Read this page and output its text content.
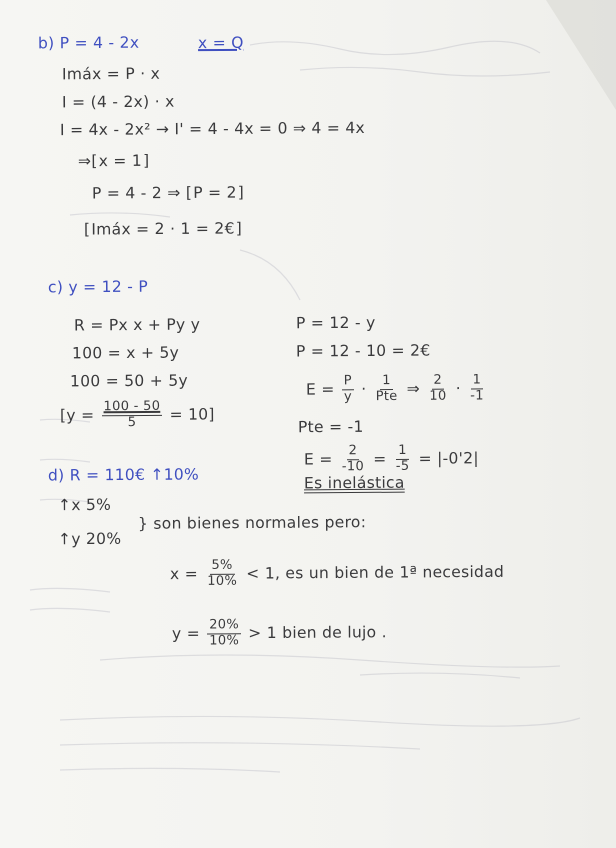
b) P = 4 - 2x	x = Q
Imáx = P · x
I = (4 - 2x) · x
I = 4x - 2x² → I' = 4 - 4x = 0 ⇒ 4 = 4x
⇒ [ x = 1 ]
P = 4 - 2 ⇒ [ P = 2 ]
[ Imáx = 2 · 1 = 2€ ]
c) y = 12 - P
R = Px x + Py y
100 = x + 5y
100 = 50 + 5y
$[y = \frac{100 - 50}{5} = 10]$
P = 12 - y
P = 12 - 10 = 2€
$E = \frac{P}{y} \cdot \frac{1}{\text{Pte}}$ ⇒ $\frac{2}{10} \cdot \frac{1}{-1}$
Pte = -1
$E = \frac{2}{-10} = \frac{1}{-5} = |-0'2|$
Es inelástica
d) R = 110€ ↑10%
↑x 5%
↑y 20%
} son bienes normales pero:
$x = \frac{5\%}{10\%} < 1$, es un bien de 1ª necesidad
$y = \frac{20\%}{10\%} > 1$ bien de lujo .
